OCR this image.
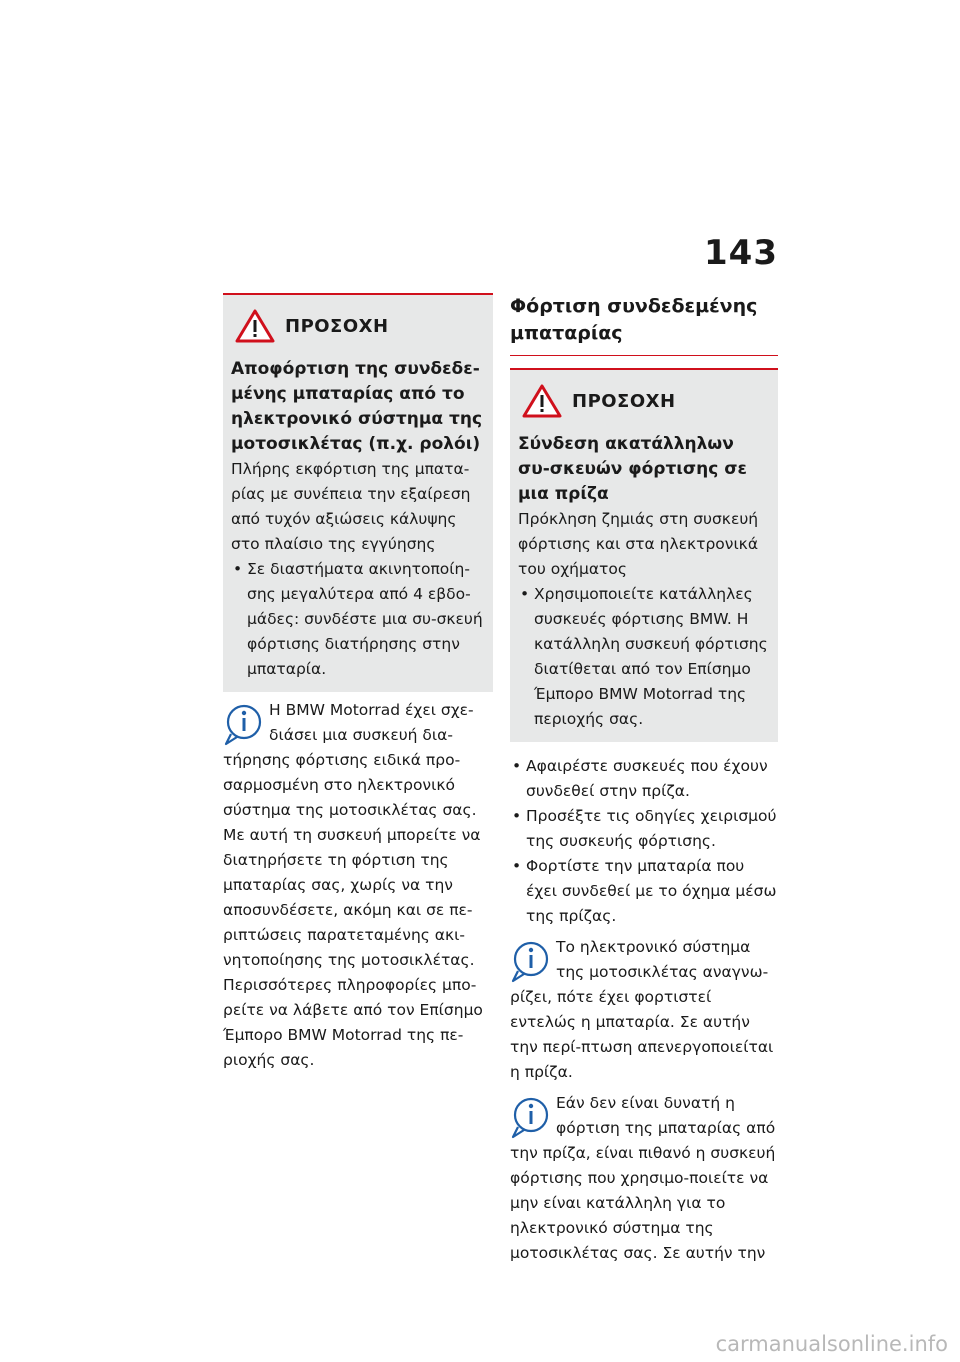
143
ΠΡΟΣΟΧΗ
Αποφόρτιση της συνδεδε-μένης μπαταρίας από το ηλεκτρονικό σύστημα της μοτοσικλέτας (π.χ. ρολόι)
Πλήρης εκφόρτιση της μπατα-ρίας με συνέπεια την εξαίρεση από τυχόν αξιώσεις κάλυψης στο πλαίσιο της εγγύησης
• Σε διαστήματα ακινητοποίη-σης μεγαλύτερα από 4 εβδο-μάδες: συνδέστε μια συ-σκευή φόρτισης διατήρησης στην μπαταρία.
Η BMW Motorrad έχει σχε-διάσει μια συσκευή δια-τήρησης φόρτισης ειδικά προ-σαρμοσμένη στο ηλεκτρονικό σύστημα της μοτοσικλέτας σας. Με αυτή τη συσκευή μπορείτε να διατηρήσετε τη φόρτιση της μπαταρίας σας, χωρίς να την αποσυνδέσετε, ακόμη και σε πε-ριπτώσεις παρατεταμένης ακι-νητοποίησης της μοτοσικλέτας. Περισσότερες πληροφορίες μπο-ρείτε να λάβετε από τον Επίσημο Έμπορο BMW Motorrad της πε-ριοχής σας.
Φόρτιση συνδεδεμένης μπαταρίας
ΠΡΟΣΟΧΗ
Σύνδεση ακατάλληλων συ-σκευών φόρτισης σε μια πρίζα
Πρόκληση ζημιάς στη συσκευή φόρτισης και στα ηλεκτρονικά του οχήματος
• Χρησιμοποιείτε κατάλληλες συσκευές φόρτισης BMW. Η κατάλληλη συσκευή φόρτισης διατίθεται από τον Επίσημο Έμπορο BMW Motorrad της περιοχής σας.
• Αφαιρέστε συσκευές που έχουν συνδεθεί στην πρίζα.
• Προσέξτε τις οδηγίες χειρισμού της συσκευής φόρτισης.
• Φορτίστε την μπαταρία που έχει συνδεθεί με το όχημα μέσω της πρίζας.
Το ηλεκτρονικό σύστημα της μοτοσικλέτας αναγνω-ρίζει, πότε έχει φορτιστεί εντελώς η μπαταρία. Σε αυτήν την περί-πτωση απενεργοποιείται η πρίζα.
Εάν δεν είναι δυνατή η φόρτιση της μπαταρίας από την πρίζα, είναι πιθανό η συσκευή φόρτισης που χρησιμο-ποιείτε να μην είναι κατάλληλη για το ηλεκτρονικό σύστημα της μοτοσικλέτας σας. Σε αυτήν την
carmanualsonline.info
